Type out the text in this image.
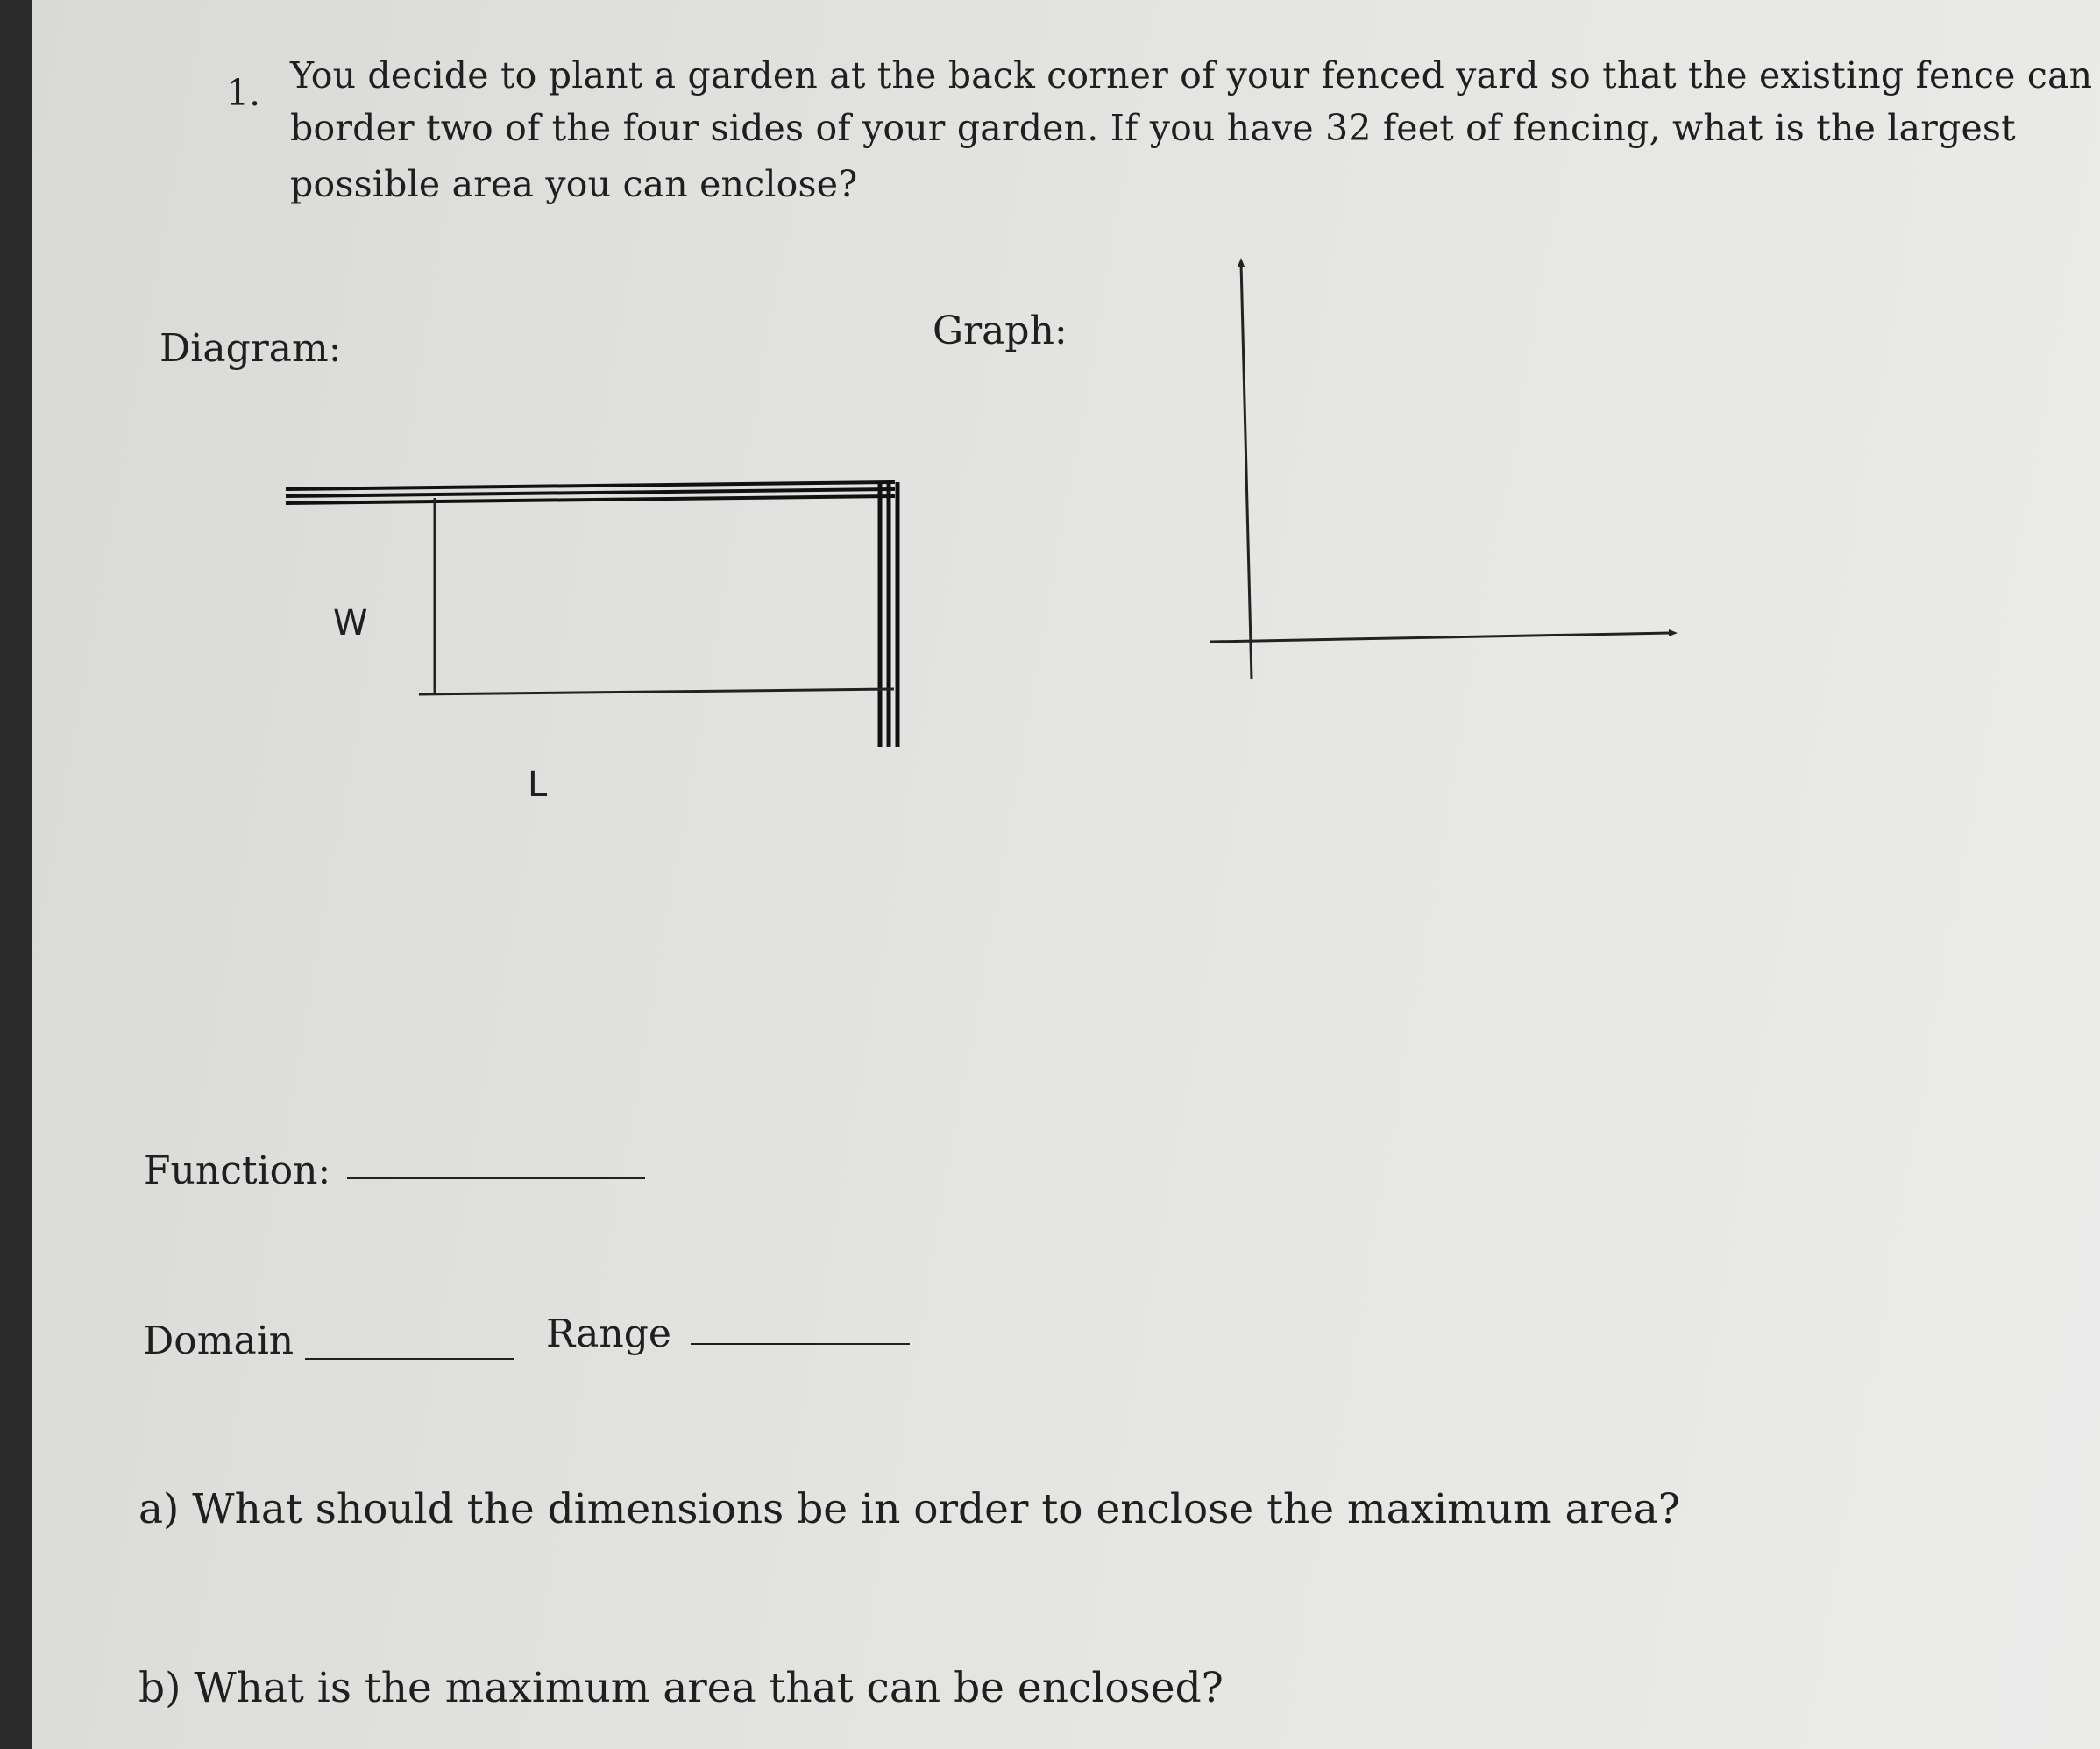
1. You decide to plant a garden at the back corner of your fenced yard so that the existing fence can
border two of the four sides of your garden. If you have 32 feet of fencing, what is the largest
possible area you can enclose?
Diagram:	Graph:
W
L
Function:
Domain	Range
a) What should the dimensions be in order to enclose the maximum area?
b) What is the maximum area that can be enclosed?
